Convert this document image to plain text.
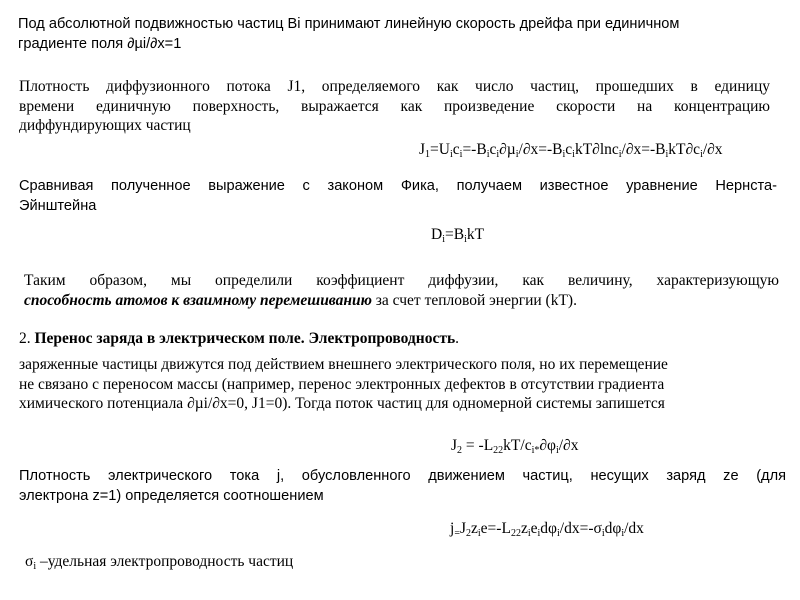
Под абсолютной подвижностью частиц Bi принимают линейную скорость дрейфа при единичном
градиенте поля ∂µi/∂x=1
Плотность диффузионного потока J1, определяемого как число частиц, прошедших в единицу
времени единичную поверхность, выражается как произведение скорости на концентрацию
диффундирующих частиц
$J_1=U_ic_i=-B_ic_i\partial\mu_i/\partial x=-B_ic_ikT\partial\ln c_i/\partial x=-B_ikT\partial c_i/\partial x$
Сравнивая полученное выражение с законом Фика, получаем известное уравнение Нернста-
Эйнштейна
$D_i=B_ikT$
Таким образом, мы определили коэффициент диффузии, как величину, характеризующую
способность атомов к взаимному перемешиванию за счет тепловой энергии (kT).
2. Перенос заряда в электрическом поле. Электропроводность.
заряженные частицы движутся под действием внешнего электрического поля, но их перемещение
не связано с переносом массы (например, перенос электронных дефектов в отсутствии градиента
химического потенциала ∂µi/∂x=0, J1=0). Тогда поток частиц для одномерной системы запишется
$J_2 = -L_{22}kT/c_{i*}\partial\varphi_i/\partial x$
Плотность электрического тока j, обусловленного движением частиц, несущих заряд ze (для
электрона z=1) определяется соотношением
$j_=J_2z_ie=-L_{22}z_ie_id\varphi_i/dx=-\sigma_id\varphi_i/dx$
$\sigma_i$ –удельная электропроводность частиц
